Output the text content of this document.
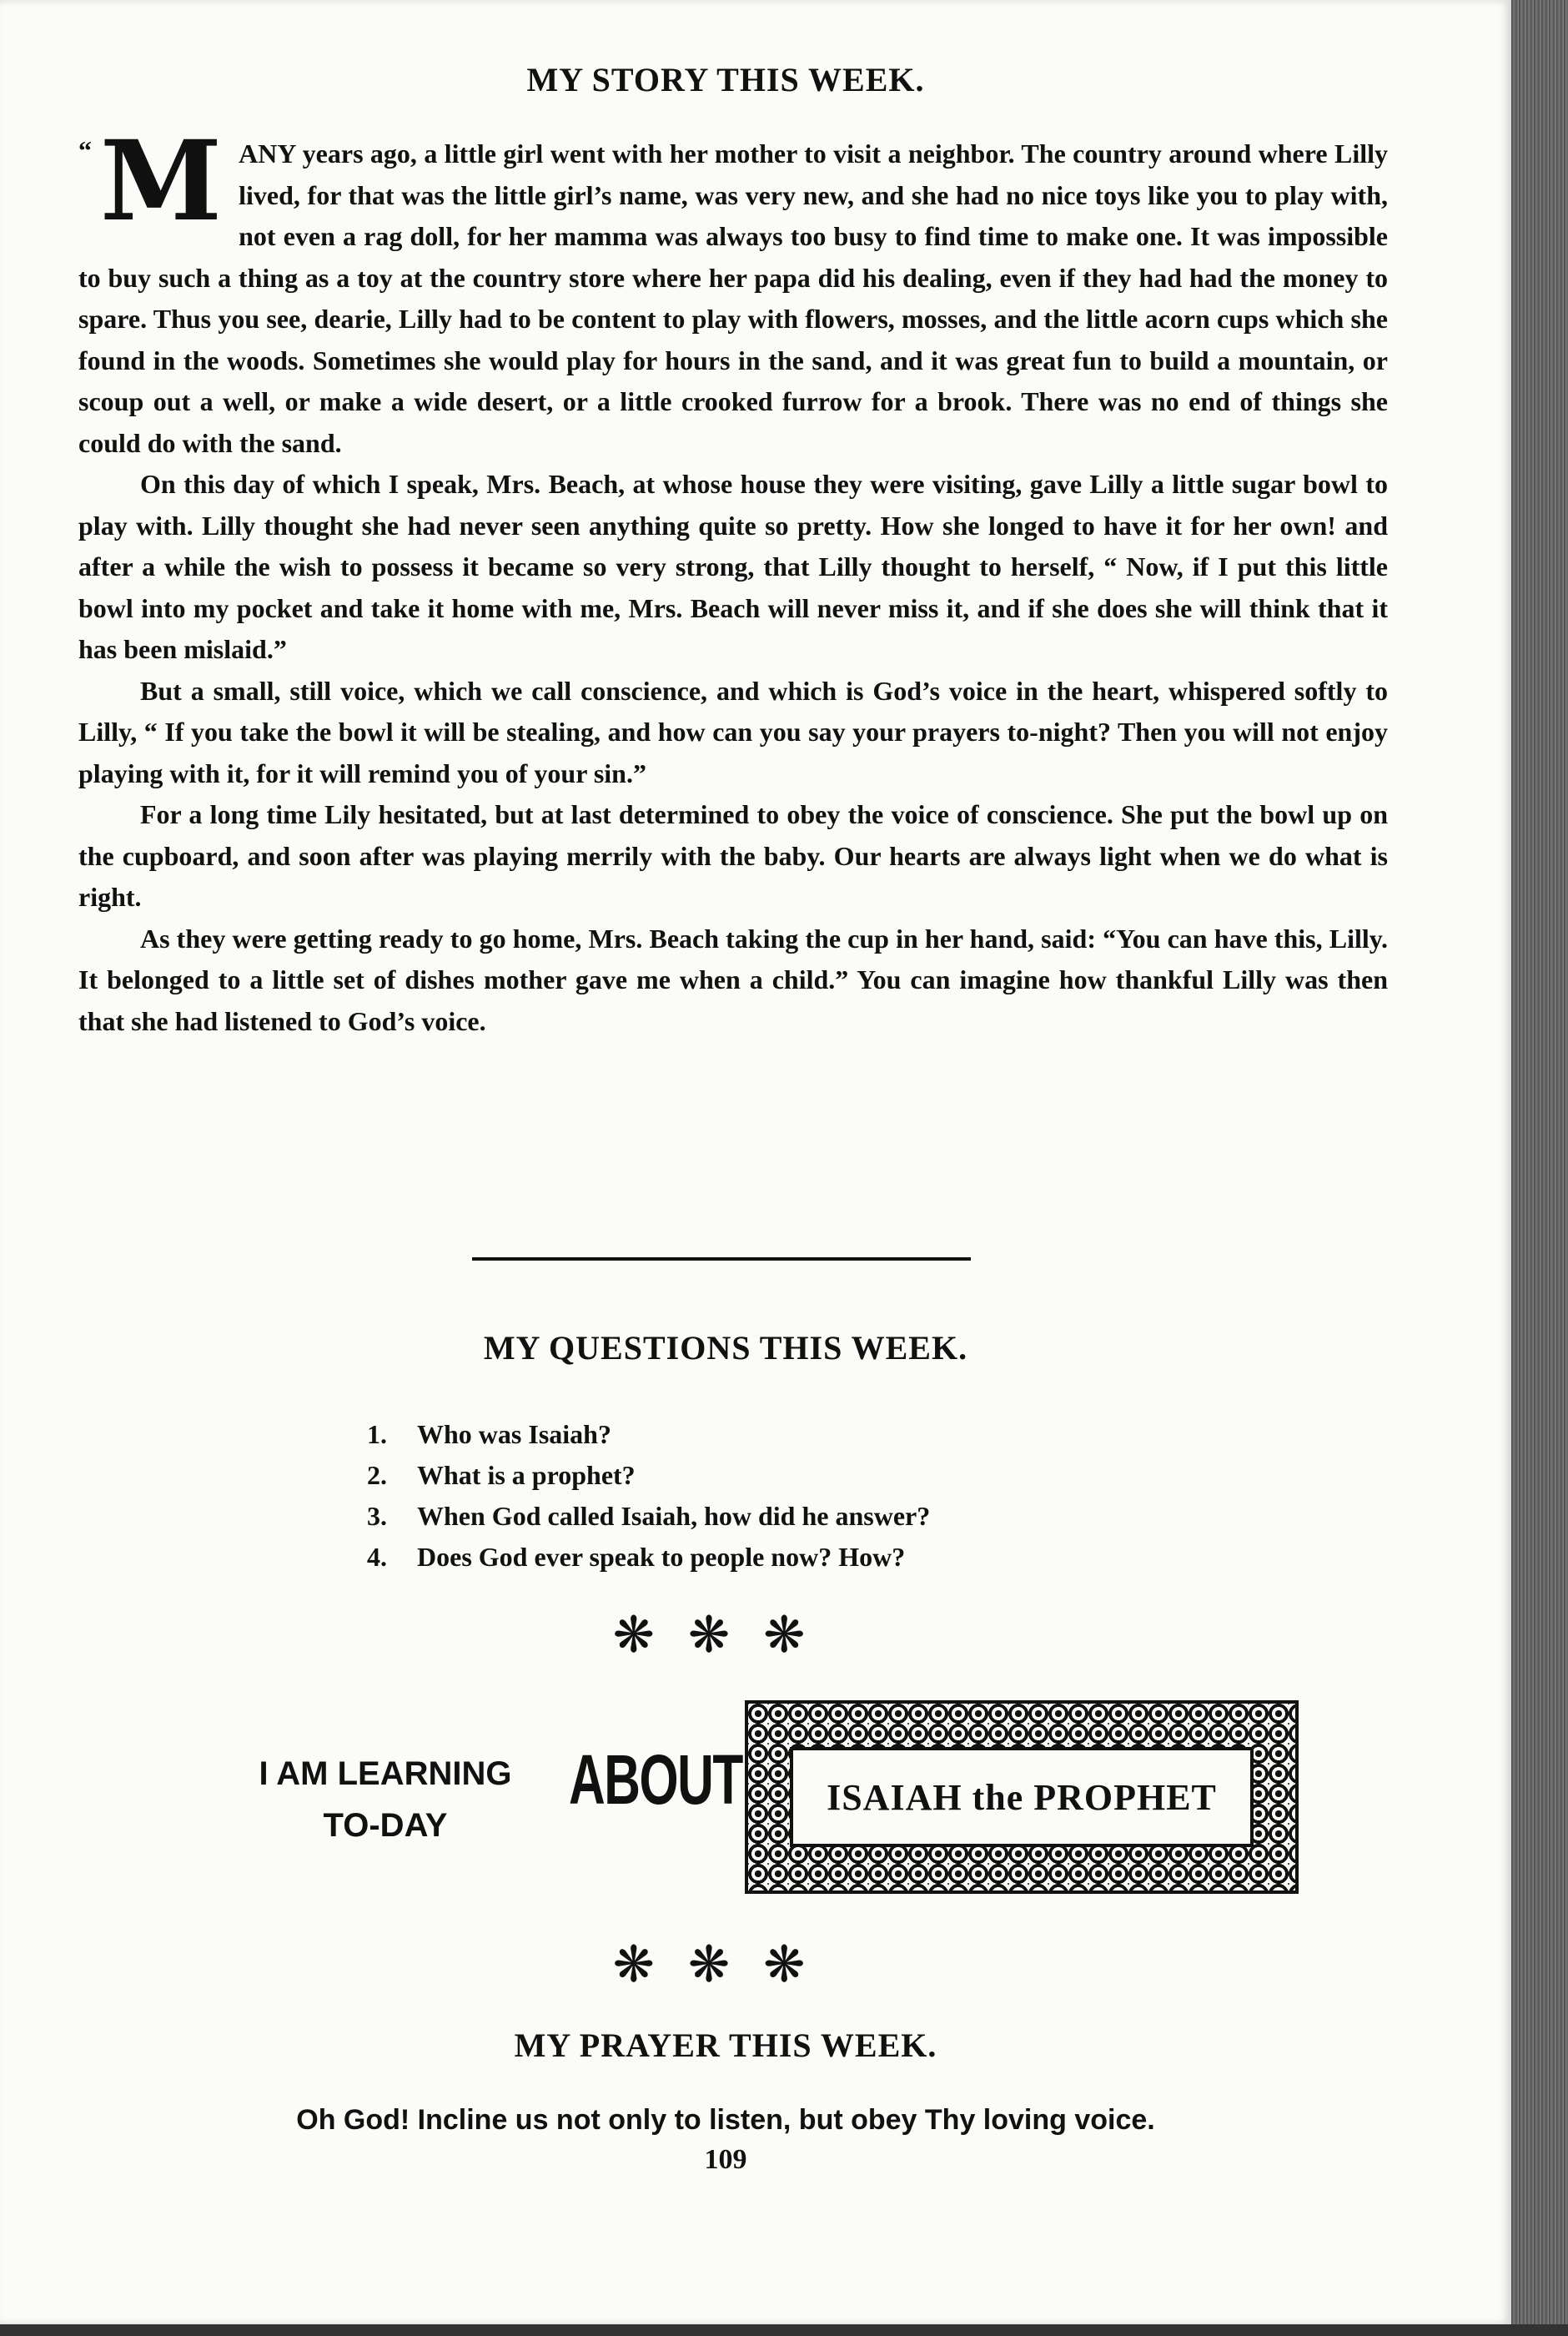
MY STORY THIS WEEK.

“ M ANY years ago, a little girl went with her mother to visit a neighbor. The country around where Lilly lived, for that was the little girl’s name, was very new, and she had no nice toys like you to play with, not even a rag doll, for her mamma was always too busy to find time to make one. It was impossible to buy such a thing as a toy at the country store where her papa did his dealing, even if they had had the money to spare. Thus you see, dearie, Lilly had to be content to play with flowers, mosses, and the little acorn cups which she found in the woods. Sometimes she would play for hours in the sand, and it was great fun to build a mountain, or scoup out a well, or make a wide desert, or a little crooked furrow for a brook. There was no end of things she could do with the sand.

On this day of which I speak, Mrs. Beach, at whose house they were visiting, gave Lilly a little sugar bowl to play with. Lilly thought she had never seen anything quite so pretty. How she longed to have it for her own! and after a while the wish to possess it became so very strong, that Lilly thought to herself, “ Now, if I put this little bowl into my pocket and take it home with me, Mrs. Beach will never miss it, and if she does she will think that it has been mislaid.”

But a small, still voice, which we call conscience, and which is God’s voice in the heart, whispered softly to Lilly, “ If you take the bowl it will be stealing, and how can you say your prayers to-night? Then you will not enjoy playing with it, for it will remind you of your sin.”

For a long time Lily hesitated, but at last determined to obey the voice of conscience. She put the bowl up on the cupboard, and soon after was playing merrily with the baby. Our hearts are always light when we do what is right.

As they were getting ready to go home, Mrs. Beach taking the cup in her hand, said: “You can have this, Lilly. It belonged to a little set of dishes mother gave me when a child.” You can imagine how thankful Lilly was then that she had listened to God’s voice.

MY QUESTIONS THIS WEEK.
1.	Who was Isaiah?
2.	What is a prophet?
3.	When God called Isaiah, how did he answer?
4.	Does God ever speak to people now? How?
❋❋❋
I AM LEARNING
TO-DAY
ABOUT	ISAIAH the PROPHET
❋❋❋
MY PRAYER THIS WEEK.
Oh God! Incline us not only to listen, but obey Thy loving voice.
109
